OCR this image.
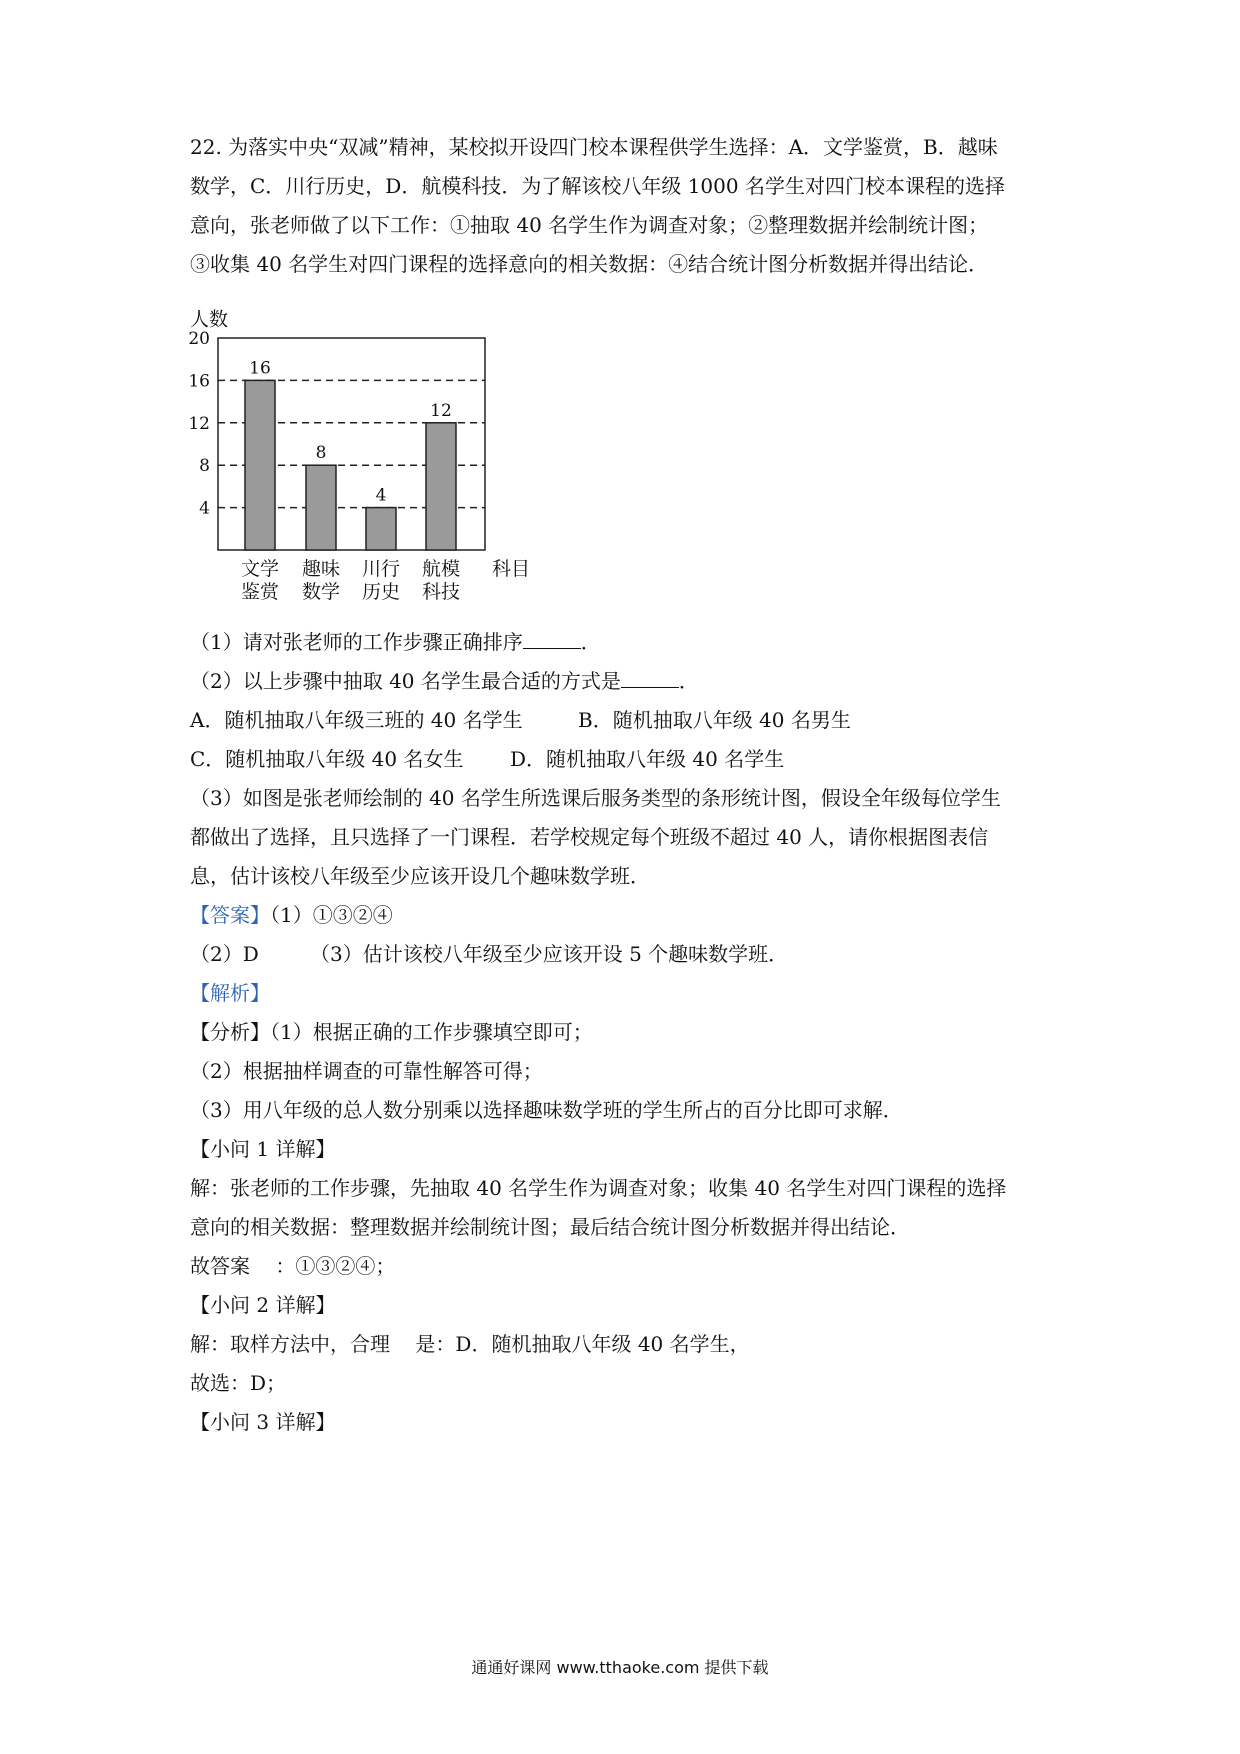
22. 为落实中央“双减”精神，某校拟开设四门校本课程供学生选择：A．文学鉴赏，B．越味
数学，C．川行历史，D．航模科技．为了解该校八年级 1000 名学生对四门校本课程的选择
意向，张老师做了以下工作：①抽取 40 名学生作为调查对象；②整理数据并绘制统计图；
③收集 40 名学生对四门课程的选择意向的相关数据：④结合统计图分析数据并得出结论．
人数
4
8
12
16
20
16
文学
鉴赏
8
趣味
数学
4
川行
历史
12
航模
科技
科目
（1）请对张老师的工作步骤正确排序	．
（2）以上步骤中抽取 40 名学生最合适的方式是	．
A．随机抽取八年级三班的 40 名学生	B．随机抽取八年级 40 名男生
C．随机抽取八年级 40 名女生 D．随机抽取八年级 40 名学生
（3）如图是张老师绘制的 40 名学生所选课后服务类型的条形统计图，假设全年级每位学生
都做出了选择，且只选择了一门课程．若学校规定每个班级不超过 40 人，请你根据图表信
息，估计该校八年级至少应该开设几个趣味数学班．
【答案】（1）①③②④
（2）D	（3）估计该校八年级至少应该开设 5 个趣味数学班．
【解析】
【分析】（1）根据正确的工作步骤填空即可；
（2）根据抽样调查的可靠性解答可得；
（3）用八年级的总人数分别乘以选择趣味数学班的学生所占的百分比即可求解．
【小问 1 详解】
解：张老师的工作步骤，先抽取 40 名学生作为调查对象；收集 40 名学生对四门课程的选择
意向的相关数据：整理数据并绘制统计图；最后结合统计图分析数据并得出结论．
故答案    ：①③②④；
【小问 2 详解】
解：取样方法中，合理    是：D．随机抽取八年级 40 名学生，
故选：D；
【小问 3 详解】
通通好课网 www.tthaoke.com 提供下载
